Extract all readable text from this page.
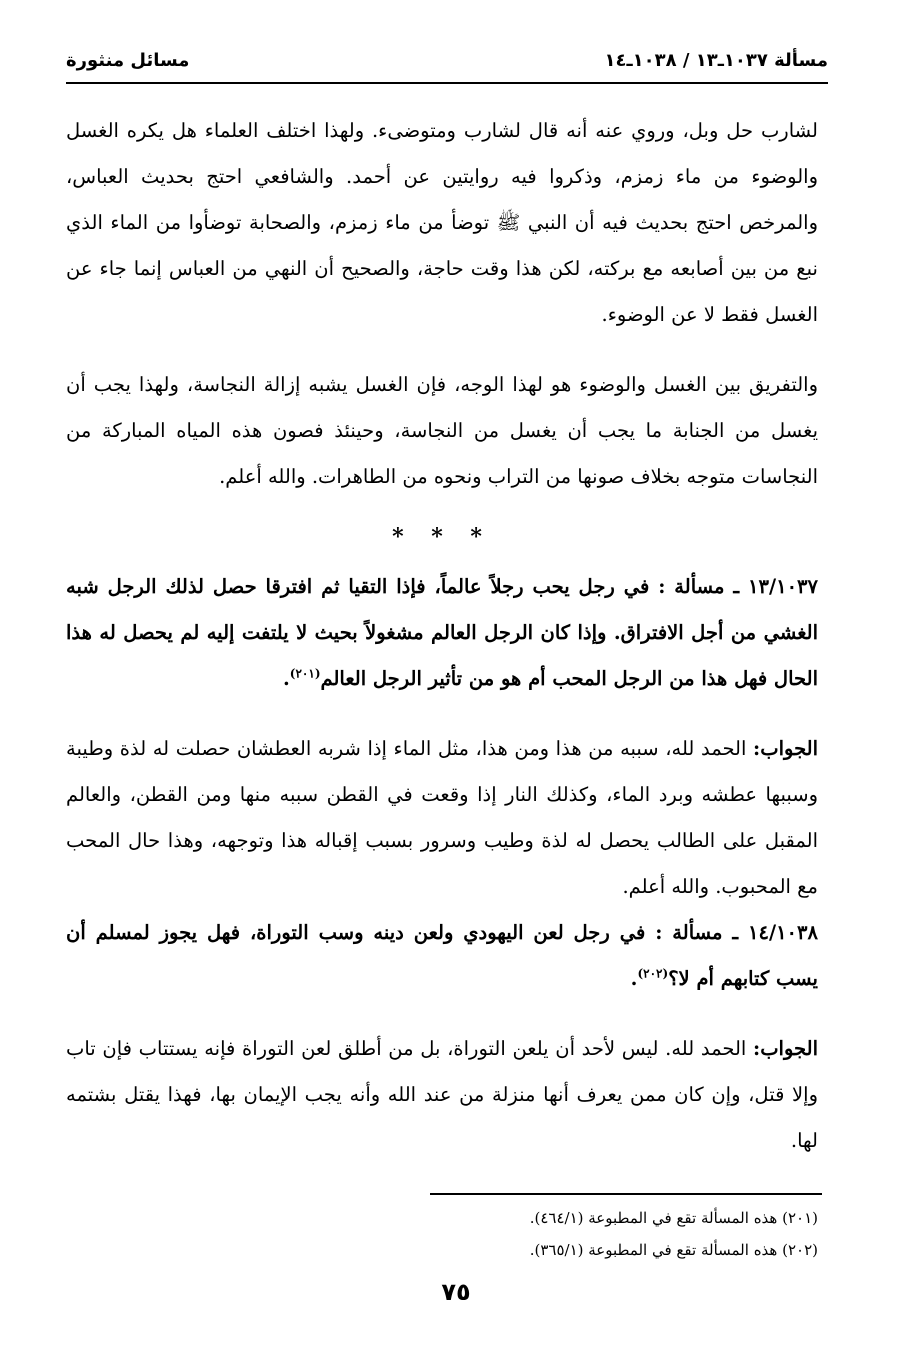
مسألة ١٠٣٧ـ١٣ / ١٠٣٨ـ١٤
مسائل منثورة

لشارب حل وبل، وروي عنه أنه قال لشارب ومتوضىء. ولهذا اختلف العلماء هل يكره الغسل والوضوء من ماء زمزم، وذكروا فيه روايتين عن أحمد. والشافعي احتج بحديث العباس، والمرخص احتج بحديث فيه أن النبي ﷺ توضأ من ماء زمزم، والصحابة توضأوا من الماء الذي نبع من بين أصابعه مع بركته، لكن هذا وقت حاجة، والصحيح أن النهي من العباس إنما جاء عن الغسل فقط لا عن الوضوء.

والتفريق بين الغسل والوضوء هو لهذا الوجه، فإن الغسل يشبه إزالة النجاسة، ولهذا يجب أن يغسل من الجنابة ما يجب أن يغسل من النجاسة، وحينئذ فصون هذه المياه المباركة من النجاسات متوجه بخلاف صونها من التراب ونحوه من الطاهرات. والله أعلم.

* * *

١٣/١٠٣٧ ـ مسألة : في رجل يحب رجلاً عالماً، فإذا التقيا ثم افترقا حصل لذلك الرجل شبه الغشي من أجل الافتراق. وإذا كان الرجل العالم مشغولاً بحيث لا يلتفت إليه لم يحصل له هذا الحال فهل هذا من الرجل المحب أم هو من تأثير الرجل العالم$^{(٢٠١)}$.

الجواب: الحمد لله، سببه من هذا ومن هذا، مثل الماء إذا شربه العطشان حصلت له لذة وطيبة وسببها عطشه وبرد الماء، وكذلك النار إذا وقعت في القطن سببه منها ومن القطن، والعالم المقبل على الطالب يحصل له لذة وطيب وسرور بسبب إقباله هذا وتوجهه، وهذا حال المحب مع المحبوب. والله أعلم.

١٤/١٠٣٨ ـ مسألة : في رجل لعن اليهودي ولعن دينه وسب التوراة، فهل يجوز لمسلم أن يسب كتابهم أم لا؟$^{(٢٠٢)}$.

الجواب: الحمد لله. ليس لأحد أن يلعن التوراة، بل من أطلق لعن التوراة فإنه يستتاب فإن تاب وإلا قتل، وإن كان ممن يعرف أنها منزلة من عند الله وأنه يجب الإيمان بها، فهذا يقتل بشتمه لها.

(٢٠١) هذه المسألة تقع في المطبوعة (٤٦٤/١).

(٢٠٢) هذه المسألة تقع في المطبوعة (٣٦٥/١).

٧٥
